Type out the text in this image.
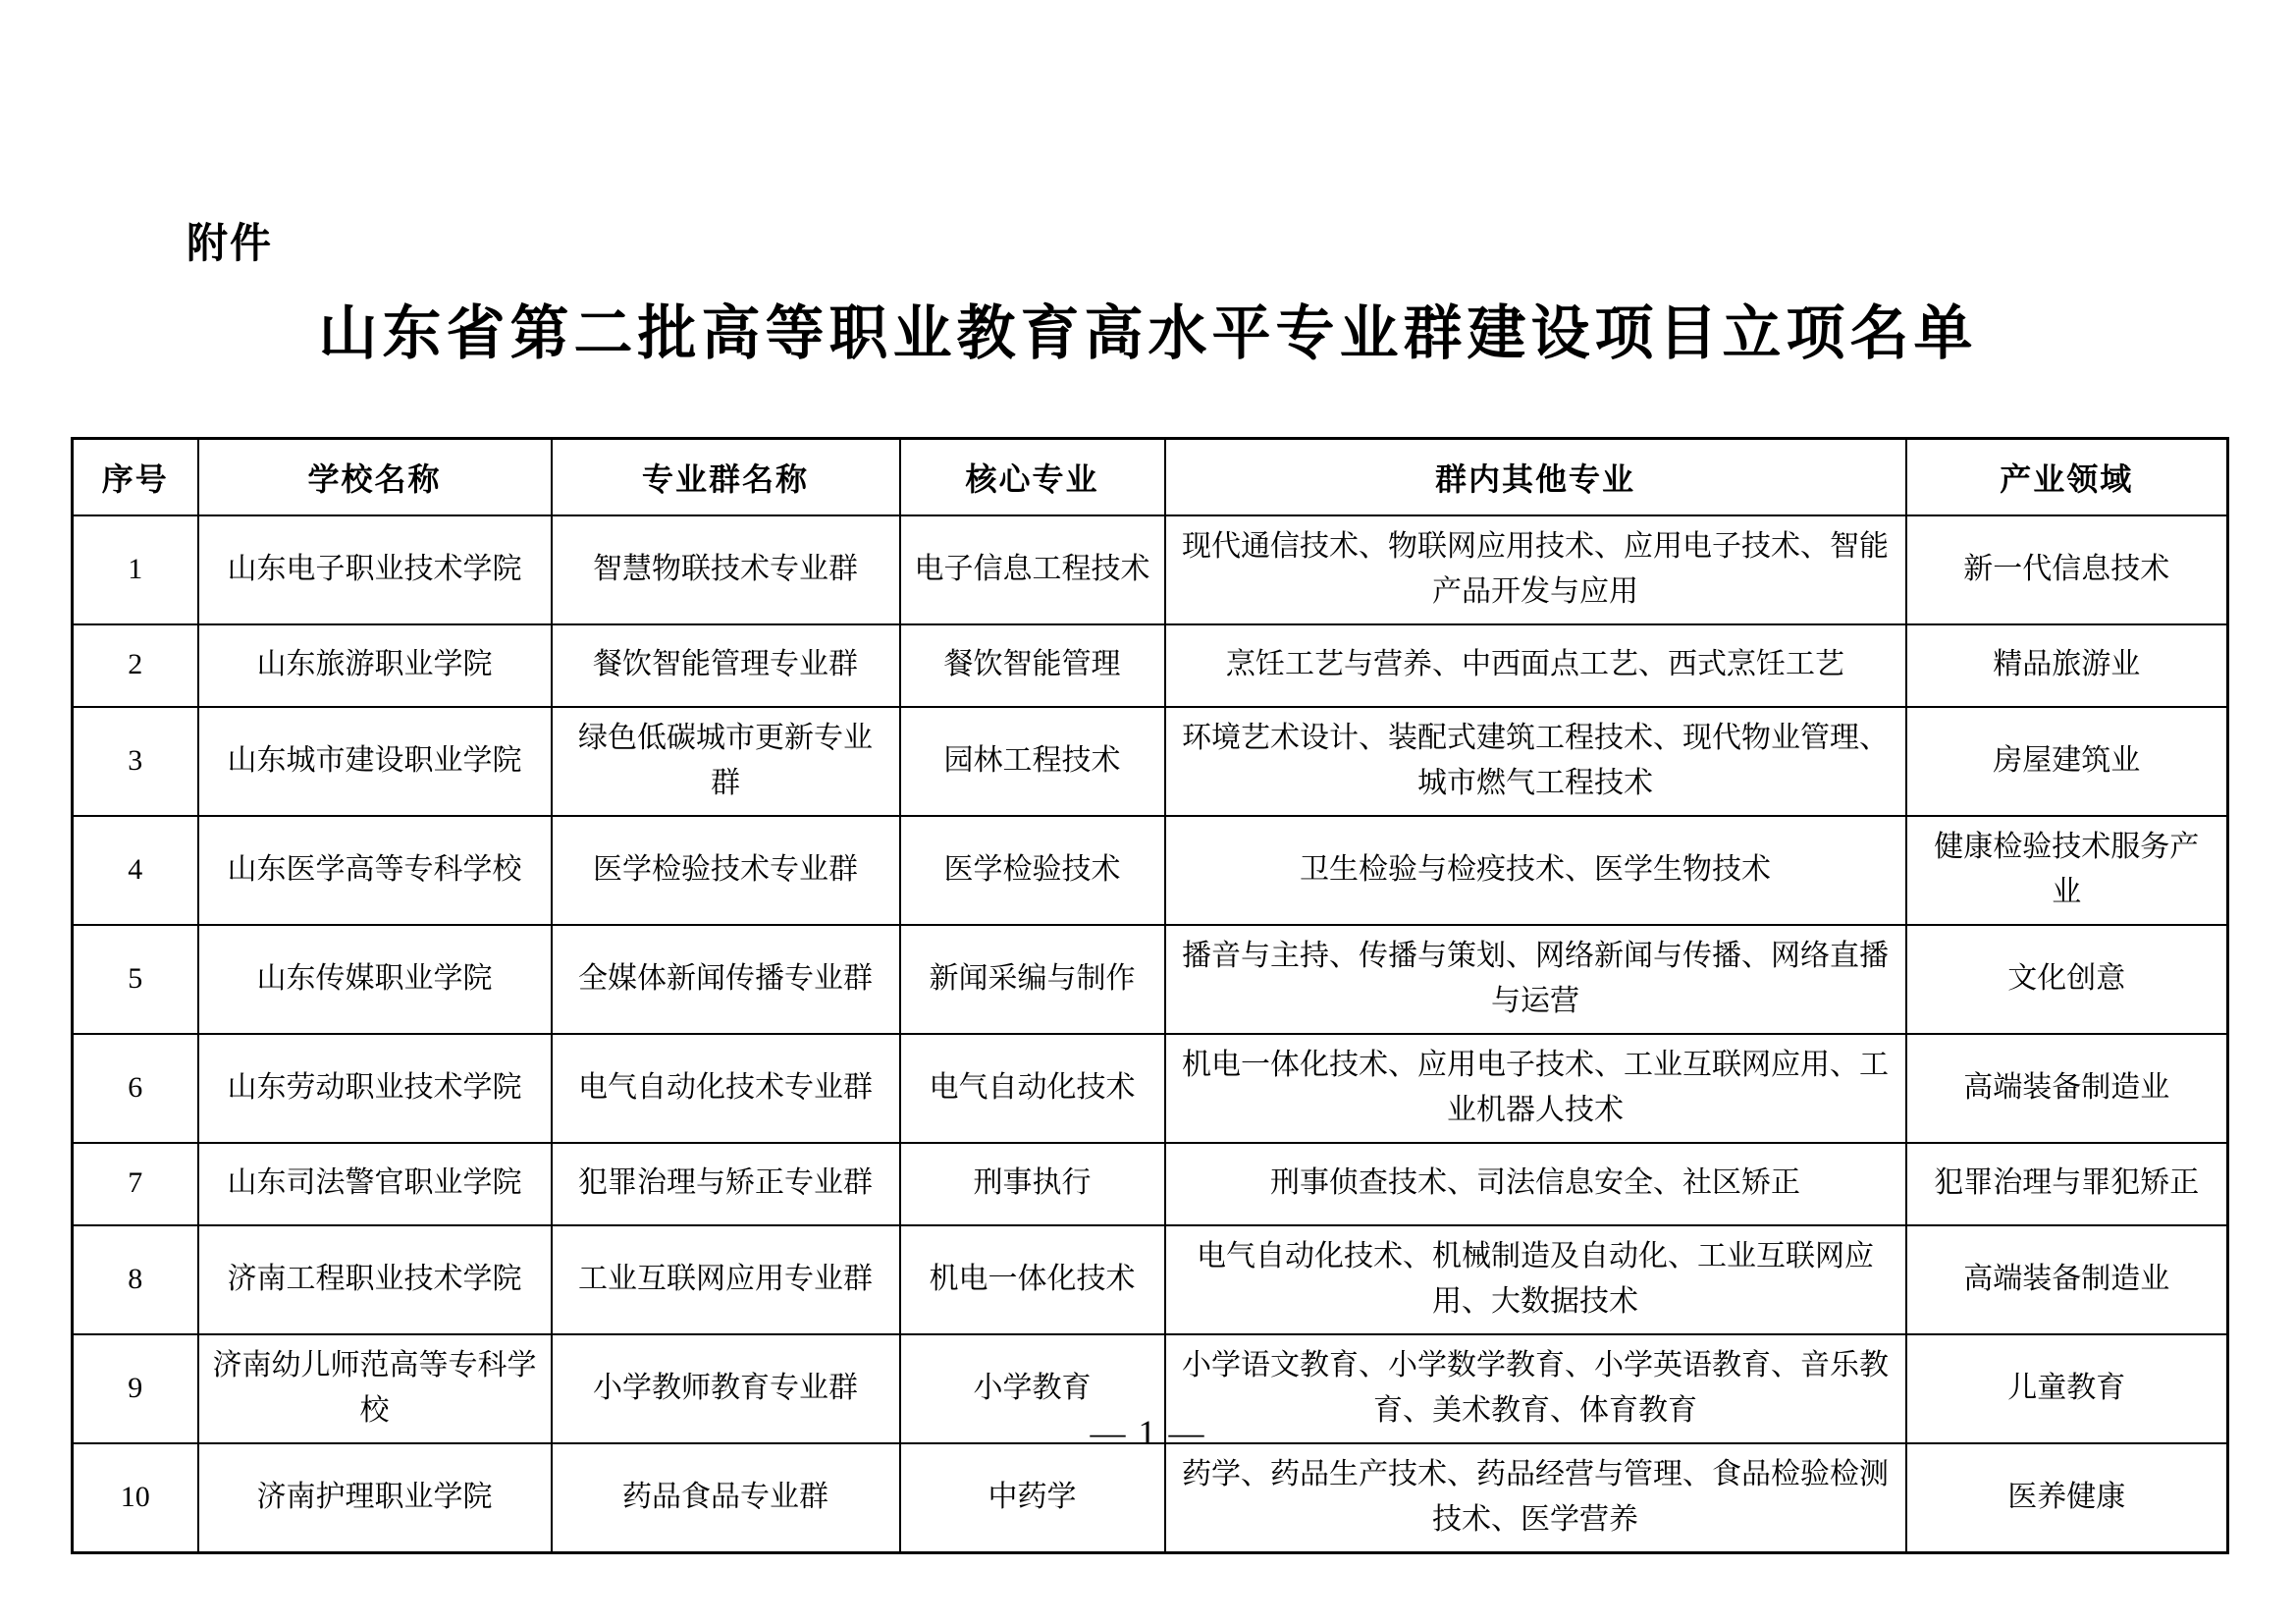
附件
山东省第二批高等职业教育高水平专业群建设项目立项名单
序号	学校名称	专业群名称	核心专业	群内其他专业	产业领域
1	山东电子职业技术学院	智慧物联技术专业群	电子信息工程技术	现代通信技术、物联网应用技术、应用电子技术、智能产品开发与应用	新一代信息技术
2	山东旅游职业学院	餐饮智能管理专业群	餐饮智能管理	烹饪工艺与营养、中西面点工艺、西式烹饪工艺	精品旅游业
3	山东城市建设职业学院	绿色低碳城市更新专业群	园林工程技术	环境艺术设计、装配式建筑工程技术、现代物业管理、城市燃气工程技术	房屋建筑业
4	山东医学高等专科学校	医学检验技术专业群	医学检验技术	卫生检验与检疫技术、医学生物技术	健康检验技术服务产业
5	山东传媒职业学院	全媒体新闻传播专业群	新闻采编与制作	播音与主持、传播与策划、网络新闻与传播、网络直播与运营	文化创意
6	山东劳动职业技术学院	电气自动化技术专业群	电气自动化技术	机电一体化技术、应用电子技术、工业互联网应用、工业机器人技术	高端装备制造业
7	山东司法警官职业学院	犯罪治理与矫正专业群	刑事执行	刑事侦查技术、司法信息安全、社区矫正	犯罪治理与罪犯矫正
8	济南工程职业技术学院	工业互联网应用专业群	机电一体化技术	电气自动化技术、机械制造及自动化、工业互联网应用、大数据技术	高端装备制造业
9	济南幼儿师范高等专科学校	小学教师教育专业群	小学教育	小学语文教育、小学数学教育、小学英语教育、音乐教育、美术教育、体育教育	儿童教育
10	济南护理职业学院	药品食品专业群	中药学	药学、药品生产技术、药品经营与管理、食品检验检测技术、医学营养	医养健康
— 1 —
